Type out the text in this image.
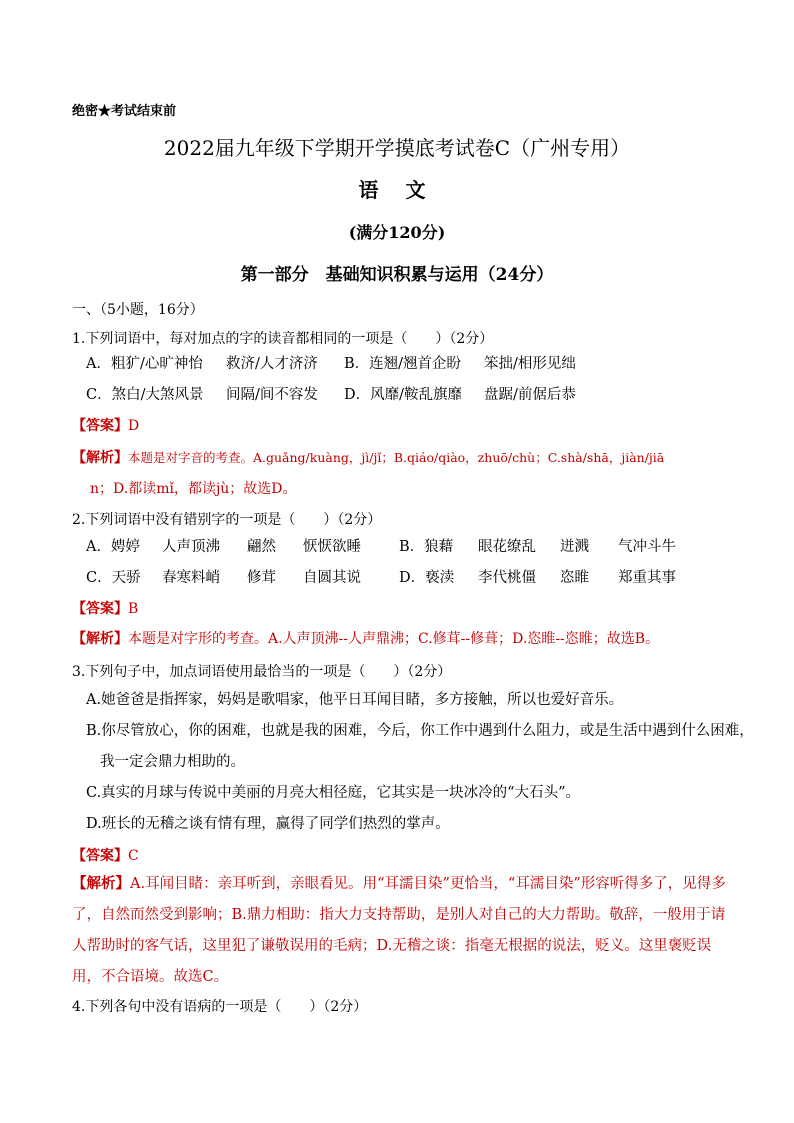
绝密★考试结束前
2022届九年级下学期开学摸底考试卷C（广州专用）
语 文
(满分120分)
第一部分　基础知识积累与运用（24分）
一、（5小题，16分）
1.下列词语中，每对加点的字的读音都相同的一项是（　　）（2分）
A．粗犷/心旷神怡 救济/人才济济 B．连翘/翘首企盼 笨拙/相形见绌
C．煞白/大煞风景 间隔/间不容发 D．风靡/鞍乱旗靡 盘踞/前倨后恭
【答案】D
【解析】本题是对字音的考查。A.guǎng/kuàng，jì/jǐ；B.qiáo/qiào，zhuō/chù；C.shà/shā，jiàn/jiā
n；D.都读mǐ，都读jù；故选D。
2.下列词语中没有错别字的一项是（　　）（2分）
A．娉婷 人声顶沸 翩然 恹恹欲睡	B．狼藉 眼花缭乱 迸溅 气冲斗牛
C．天骄 春寒料峭 修茸 自圆其说	D．亵渎 李代桃僵 恣睢 郑重其事
【答案】B
【解析】本题是对字形的考查。A.人声顶沸--人声鼎沸；C.修茸--修葺；D.恣睢--恣睢；故选B。
3.下列句子中，加点词语使用最恰当的一项是（　　）（2分）
A.她爸爸是指挥家，妈妈是歌唱家，他平日耳闻目睹，多方接触，所以也爱好音乐。
B.你尽管放心，你的困难，也就是我的困难，今后，你工作中遇到什么阻力，或是生活中遇到什么困难，
我一定会鼎力相助的。
C.真实的月球与传说中美丽的月亮大相径庭，它其实是一块冰冷的“大石头”。
D.班长的无稽之谈有情有理，赢得了同学们热烈的掌声。
【答案】C
【解析】A.耳闻目睹：亲耳听到，亲眼看见。用“耳濡目染”更恰当，“耳濡目染”形容听得多了，见得多了，自然而然受到影响；B.鼎力相助：指大力支持帮助，是别人对自己的大力帮助。敬辞，一般用于请人帮助时的客气话，这里犯了谦敬误用的毛病；D.无稽之谈：指毫无根据的说法，贬义。这里褒贬误用，不合语境。故选C。
4.下列各句中没有语病的一项是（　　）（2分）
